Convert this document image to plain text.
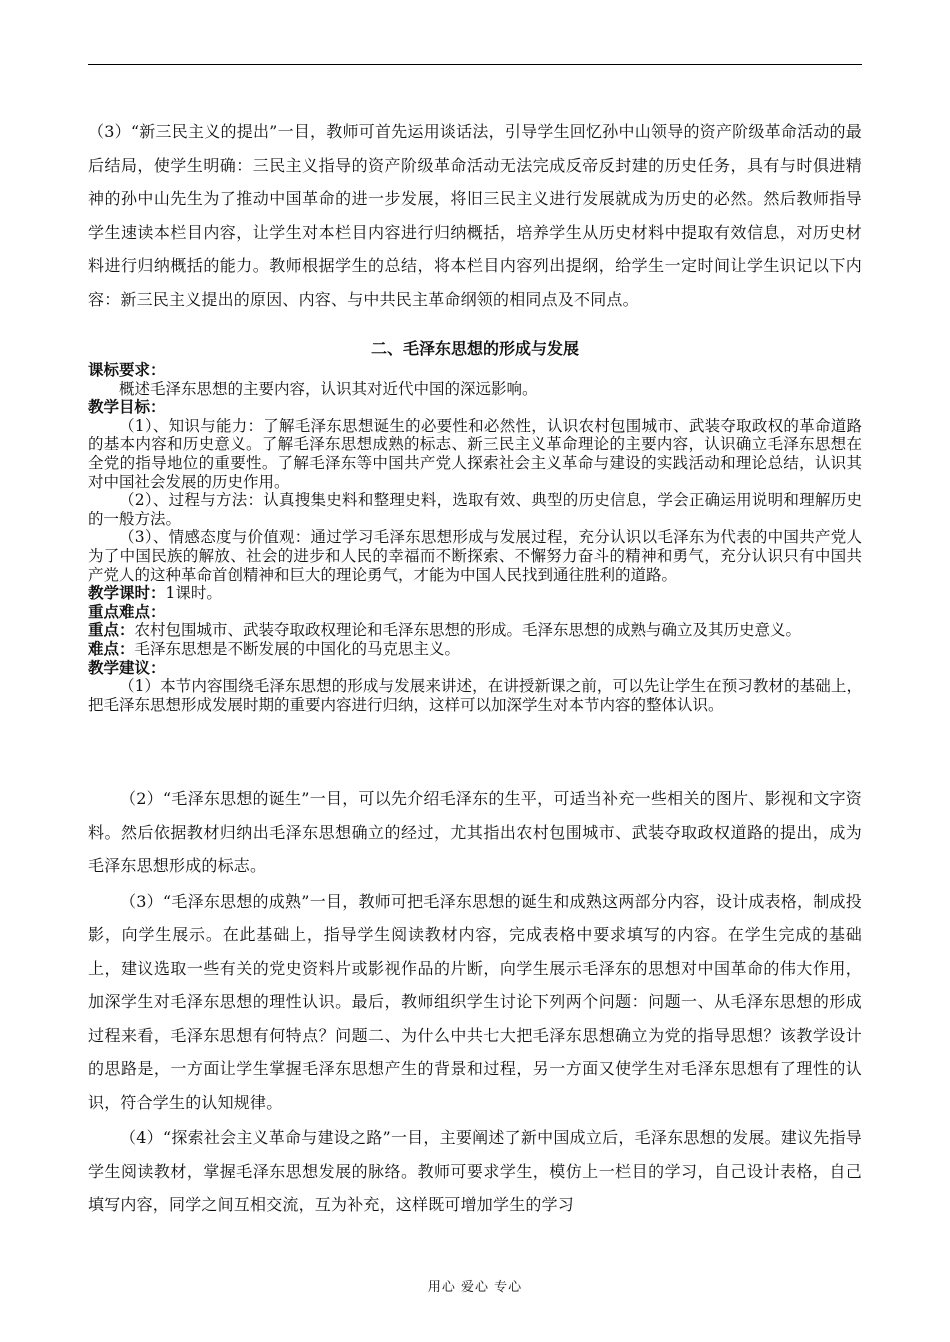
（3）“新三民主义的提出”一目，教师可首先运用谈话法，引导学生回忆孙中山领导的资产阶级革命活动的最后结局，使学生明确：三民主义指导的资产阶级革命活动无法完成反帝反封建的历史任务，具有与时俱进精神的孙中山先生为了推动中国革命的进一步发展，将旧三民主义进行发展就成为历史的必然。然后教师指导学生速读本栏目内容，让学生对本栏目内容进行归纳概括，培养学生从历史材料中提取有效信息，对历史材料进行归纳概括的能力。教师根据学生的总结，将本栏目内容列出提纲，给学生一定时间让学生识记以下内容：新三民主义提出的原因、内容、与中共民主革命纲领的相同点及不同点。

二、毛泽东思想的形成与发展

课标要求：

概述毛泽东思想的主要内容，认识其对近代中国的深远影响。

教学目标：

（1）、知识与能力：了解毛泽东思想诞生的必要性和必然性，认识农村包围城市、武装夺取政权的革命道路的基本内容和历史意义。了解毛泽东思想成熟的标志、新三民主义革命理论的主要内容，认识确立毛泽东思想在全党的指导地位的重要性。了解毛泽东等中国共产党人探索社会主义革命与建设的实践活动和理论总结，认识其对中国社会发展的历史作用。

（2）、过程与方法：认真搜集史料和整理史料，选取有效、典型的历史信息，学会正确运用说明和理解历史的一般方法。

（3）、情感态度与价值观：通过学习毛泽东思想形成与发展过程，充分认识以毛泽东为代表的中国共产党人为了中国民族的解放、社会的进步和人民的幸福而不断探索、不懈努力奋斗的精神和勇气，充分认识只有中国共产党人的这种革命首创精神和巨大的理论勇气，才能为中国人民找到通往胜利的道路。

教学课时：1课时。

重点难点：

重点：农村包围城市、武装夺取政权理论和毛泽东思想的形成。毛泽东思想的成熟与确立及其历史意义。

难点：毛泽东思想是不断发展的中国化的马克思主义。

教学建议：

（1）本节内容围绕毛泽东思想的形成与发展来讲述，在讲授新课之前，可以先让学生在预习教材的基础上，把毛泽东思想形成发展时期的重要内容进行归纳，这样可以加深学生对本节内容的整体认识。

（2）“毛泽东思想的诞生”一目，可以先介绍毛泽东的生平，可适当补充一些相关的图片、影视和文字资料。然后依据教材归纳出毛泽东思想确立的经过，尤其指出农村包围城市、武装夺取政权道路的提出，成为毛泽东思想形成的标志。

（3）“毛泽东思想的成熟”一目，教师可把毛泽东思想的诞生和成熟这两部分内容，设计成表格，制成投影，向学生展示。在此基础上，指导学生阅读教材内容，完成表格中要求填写的内容。在学生完成的基础上，建议选取一些有关的党史资料片或影视作品的片断，向学生展示毛泽东的思想对中国革命的伟大作用，加深学生对毛泽东思想的理性认识。最后，教师组织学生讨论下列两个问题：问题一、从毛泽东思想的形成过程来看，毛泽东思想有何特点？问题二、为什么中共七大把毛泽东思想确立为党的指导思想？该教学设计的思路是，一方面让学生掌握毛泽东思想产生的背景和过程，另一方面又使学生对毛泽东思想有了理性的认识，符合学生的认知规律。

（4）“探索社会主义革命与建设之路”一目，主要阐述了新中国成立后，毛泽东思想的发展。建议先指导学生阅读教材，掌握毛泽东思想发展的脉络。教师可要求学生，模仿上一栏目的学习，自己设计表格，自己填写内容，同学之间互相交流，互为补充，这样既可增加学生的学习

用心 爱心 专心
